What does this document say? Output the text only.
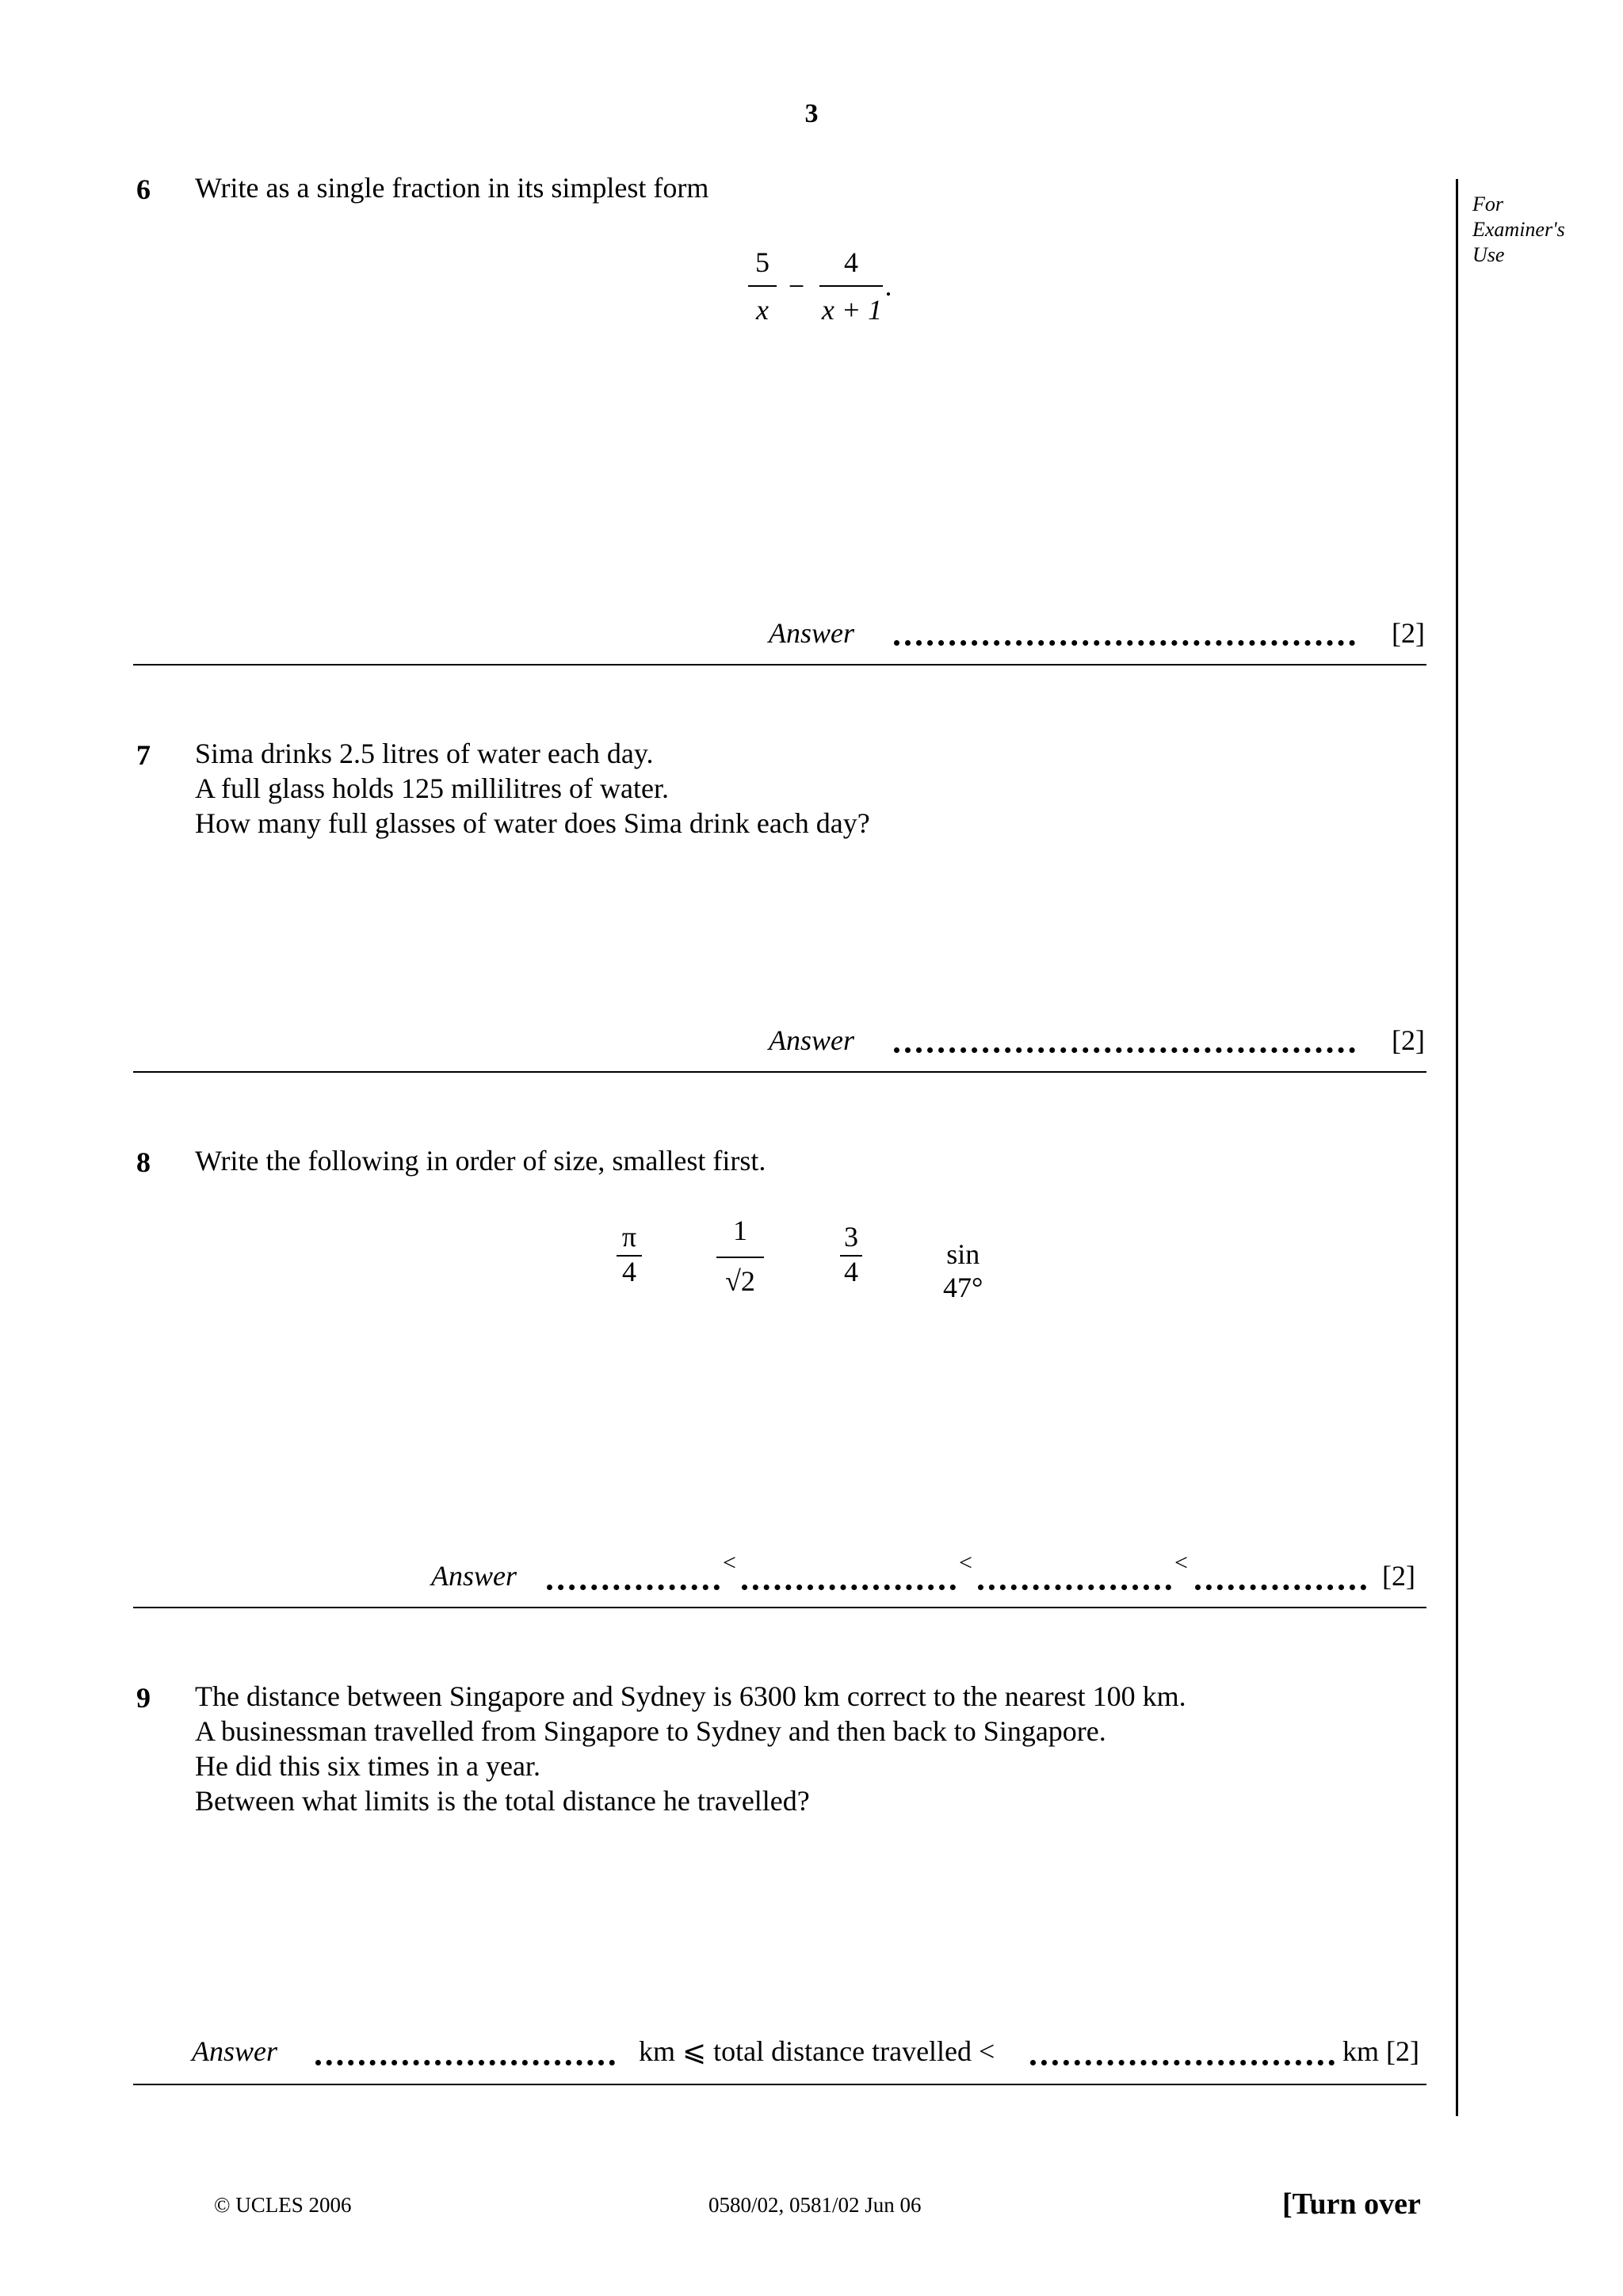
3
For
Examiner's
Use
6 Write as a single fraction in its simplest form
5
x
−
4
x + 1
.
Answer	[2]
7 Sima drinks 2.5 litres of water each day.
A full glass holds 125 millilitres of water.
How many full glasses of water does Sima drink each day?
Answer	[2]
8 Write the following in order of size, smallest first.
π
4
1
√2
3
4
sin 47°
Answer	<	<	<	[2]
9 The distance between Singapore and Sydney is 6300 km correct to the nearest 100 km.
A businessman travelled from Singapore to Sydney and then back to Singapore.
He did this six times in a year.
Between what limits is the total distance he travelled?
Answer	km ⩽ total distance travelled <	km [2]
© UCLES 2006	0580/02, 0581/02 Jun 06	[Turn over
